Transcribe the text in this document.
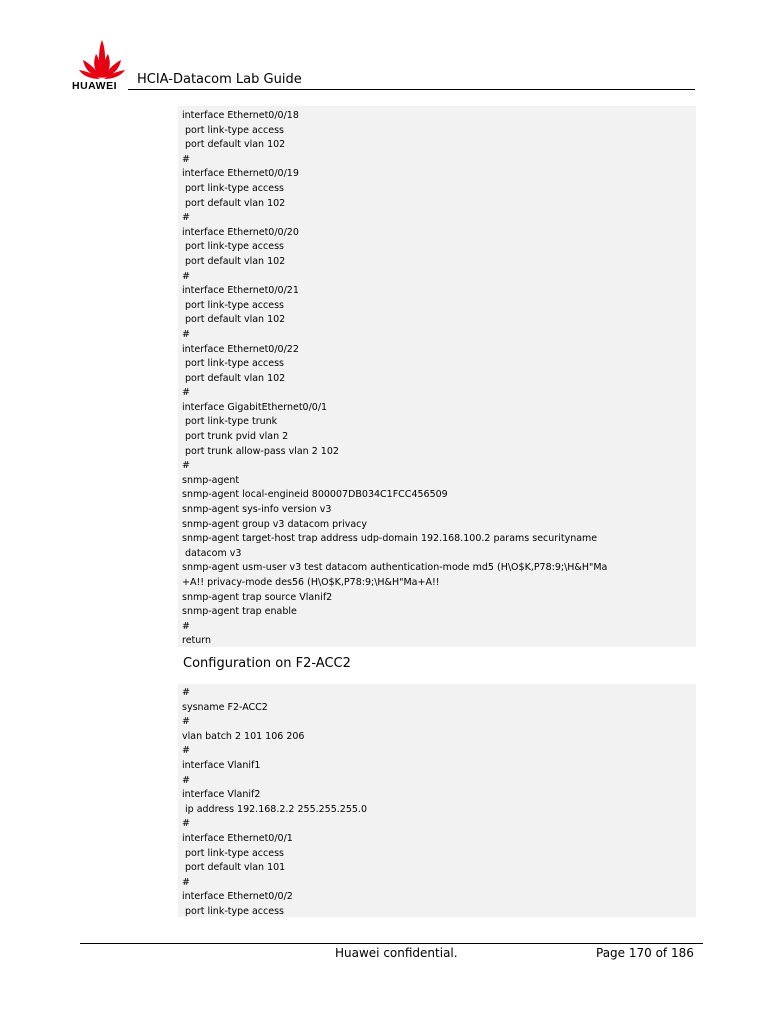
HUAWEI HCIA-Datacom Lab Guide
interface Ethernet0/0/18
port link-type access
port default vlan 102
#
interface Ethernet0/0/19
port link-type access
port default vlan 102
#
interface Ethernet0/0/20
port link-type access
port default vlan 102
#
interface Ethernet0/0/21
port link-type access
port default vlan 102
#
interface Ethernet0/0/22
port link-type access
port default vlan 102
#
interface GigabitEthernet0/0/1
port link-type trunk
port trunk pvid vlan 2
port trunk allow-pass vlan 2 102
#
snmp-agent
snmp-agent local-engineid 800007DB034C1FCC456509
snmp-agent sys-info version v3
snmp-agent group v3 datacom privacy
snmp-agent target-host trap address udp-domain 192.168.100.2 params securityname
datacom v3
snmp-agent usm-user v3 test datacom authentication-mode md5 (H\O$K,P78:9;\H&H"Ma
+A!! privacy-mode des56 (H\O$K,P78:9;\H&H"Ma+A!!
snmp-agent trap source Vlanif2
snmp-agent trap enable
#
return
Configuration on F2-ACC2
#
sysname F2-ACC2
#
vlan batch 2 101 106 206
#
interface Vlanif1
#
interface Vlanif2
ip address 192.168.2.2 255.255.255.0
#
interface Ethernet0/0/1
port link-type access
port default vlan 101
#
interface Ethernet0/0/2
port link-type access
Huawei confidential.	Page 170 of 186
